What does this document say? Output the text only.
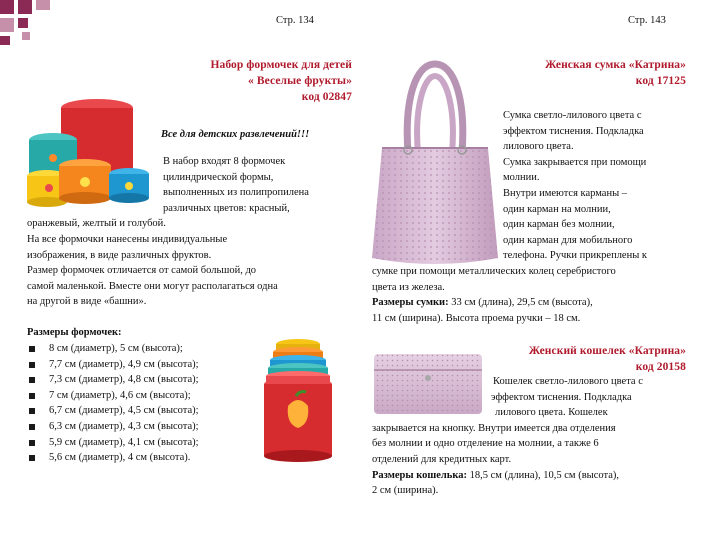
Стр. 134	Стр. 143
Набор формочек для детей
« Веселые фрукты»
код 02847
Все для детских развлечений!!!
В набор входят 8 формочек
цилиндрической формы,
выполненных из полипропилена
различных цветов: красный,
оранжевый, желтый и голубой.
На все формочки нанесены индивидуальные
изображения, в виде различных фруктов.
Размер формочек отличается от самой большой, до
самой маленькой. Вместе они могут располагаться одна
на другой в виде «башни».
Размеры формочек:
8 см (диаметр), 5 см (высота);
7,7 см (диаметр), 4,9 см (высота);
7,3 см (диаметр), 4,8 см (высота);
7 см (диаметр), 4,6 см (высота);
6,7 см (диаметр), 4,5 см (высота);
6,3 см (диаметр), 4,3 см (высота);
5,9 см (диаметр), 4,1 см (высота);
5,6 см (диаметр), 4 см (высота).
Женская сумка «Катрина»
код 17125
Сумка светло-лилового цвета с
эффектом тиснения. Подкладка
лилового цвета.
Сумка закрывается при помощи
молнии.
Внутри имеются карманы –
один карман на молнии,
один карман без молнии,
один карман для мобильного
телефона. Ручки прикреплены к
сумке при помощи металлических колец серебристого
цвета из железа.
Размеры сумки: 33 см (длина), 29,5 см (высота),
11 см (ширина). Высота проема ручки – 18 см.
Женский кошелек «Катрина»
код 20158
Кошелек светло-лилового цвета с
эффектом тиснения. Подкладка
лилового цвета. Кошелек
закрывается на кнопку. Внутри имеется два отделения
без молнии и одно отделение на молнии, а также 6
отделений для кредитных карт.
Размеры кошелька: 18,5 см (длина), 10,5 см (высота),
2 см (ширина).
